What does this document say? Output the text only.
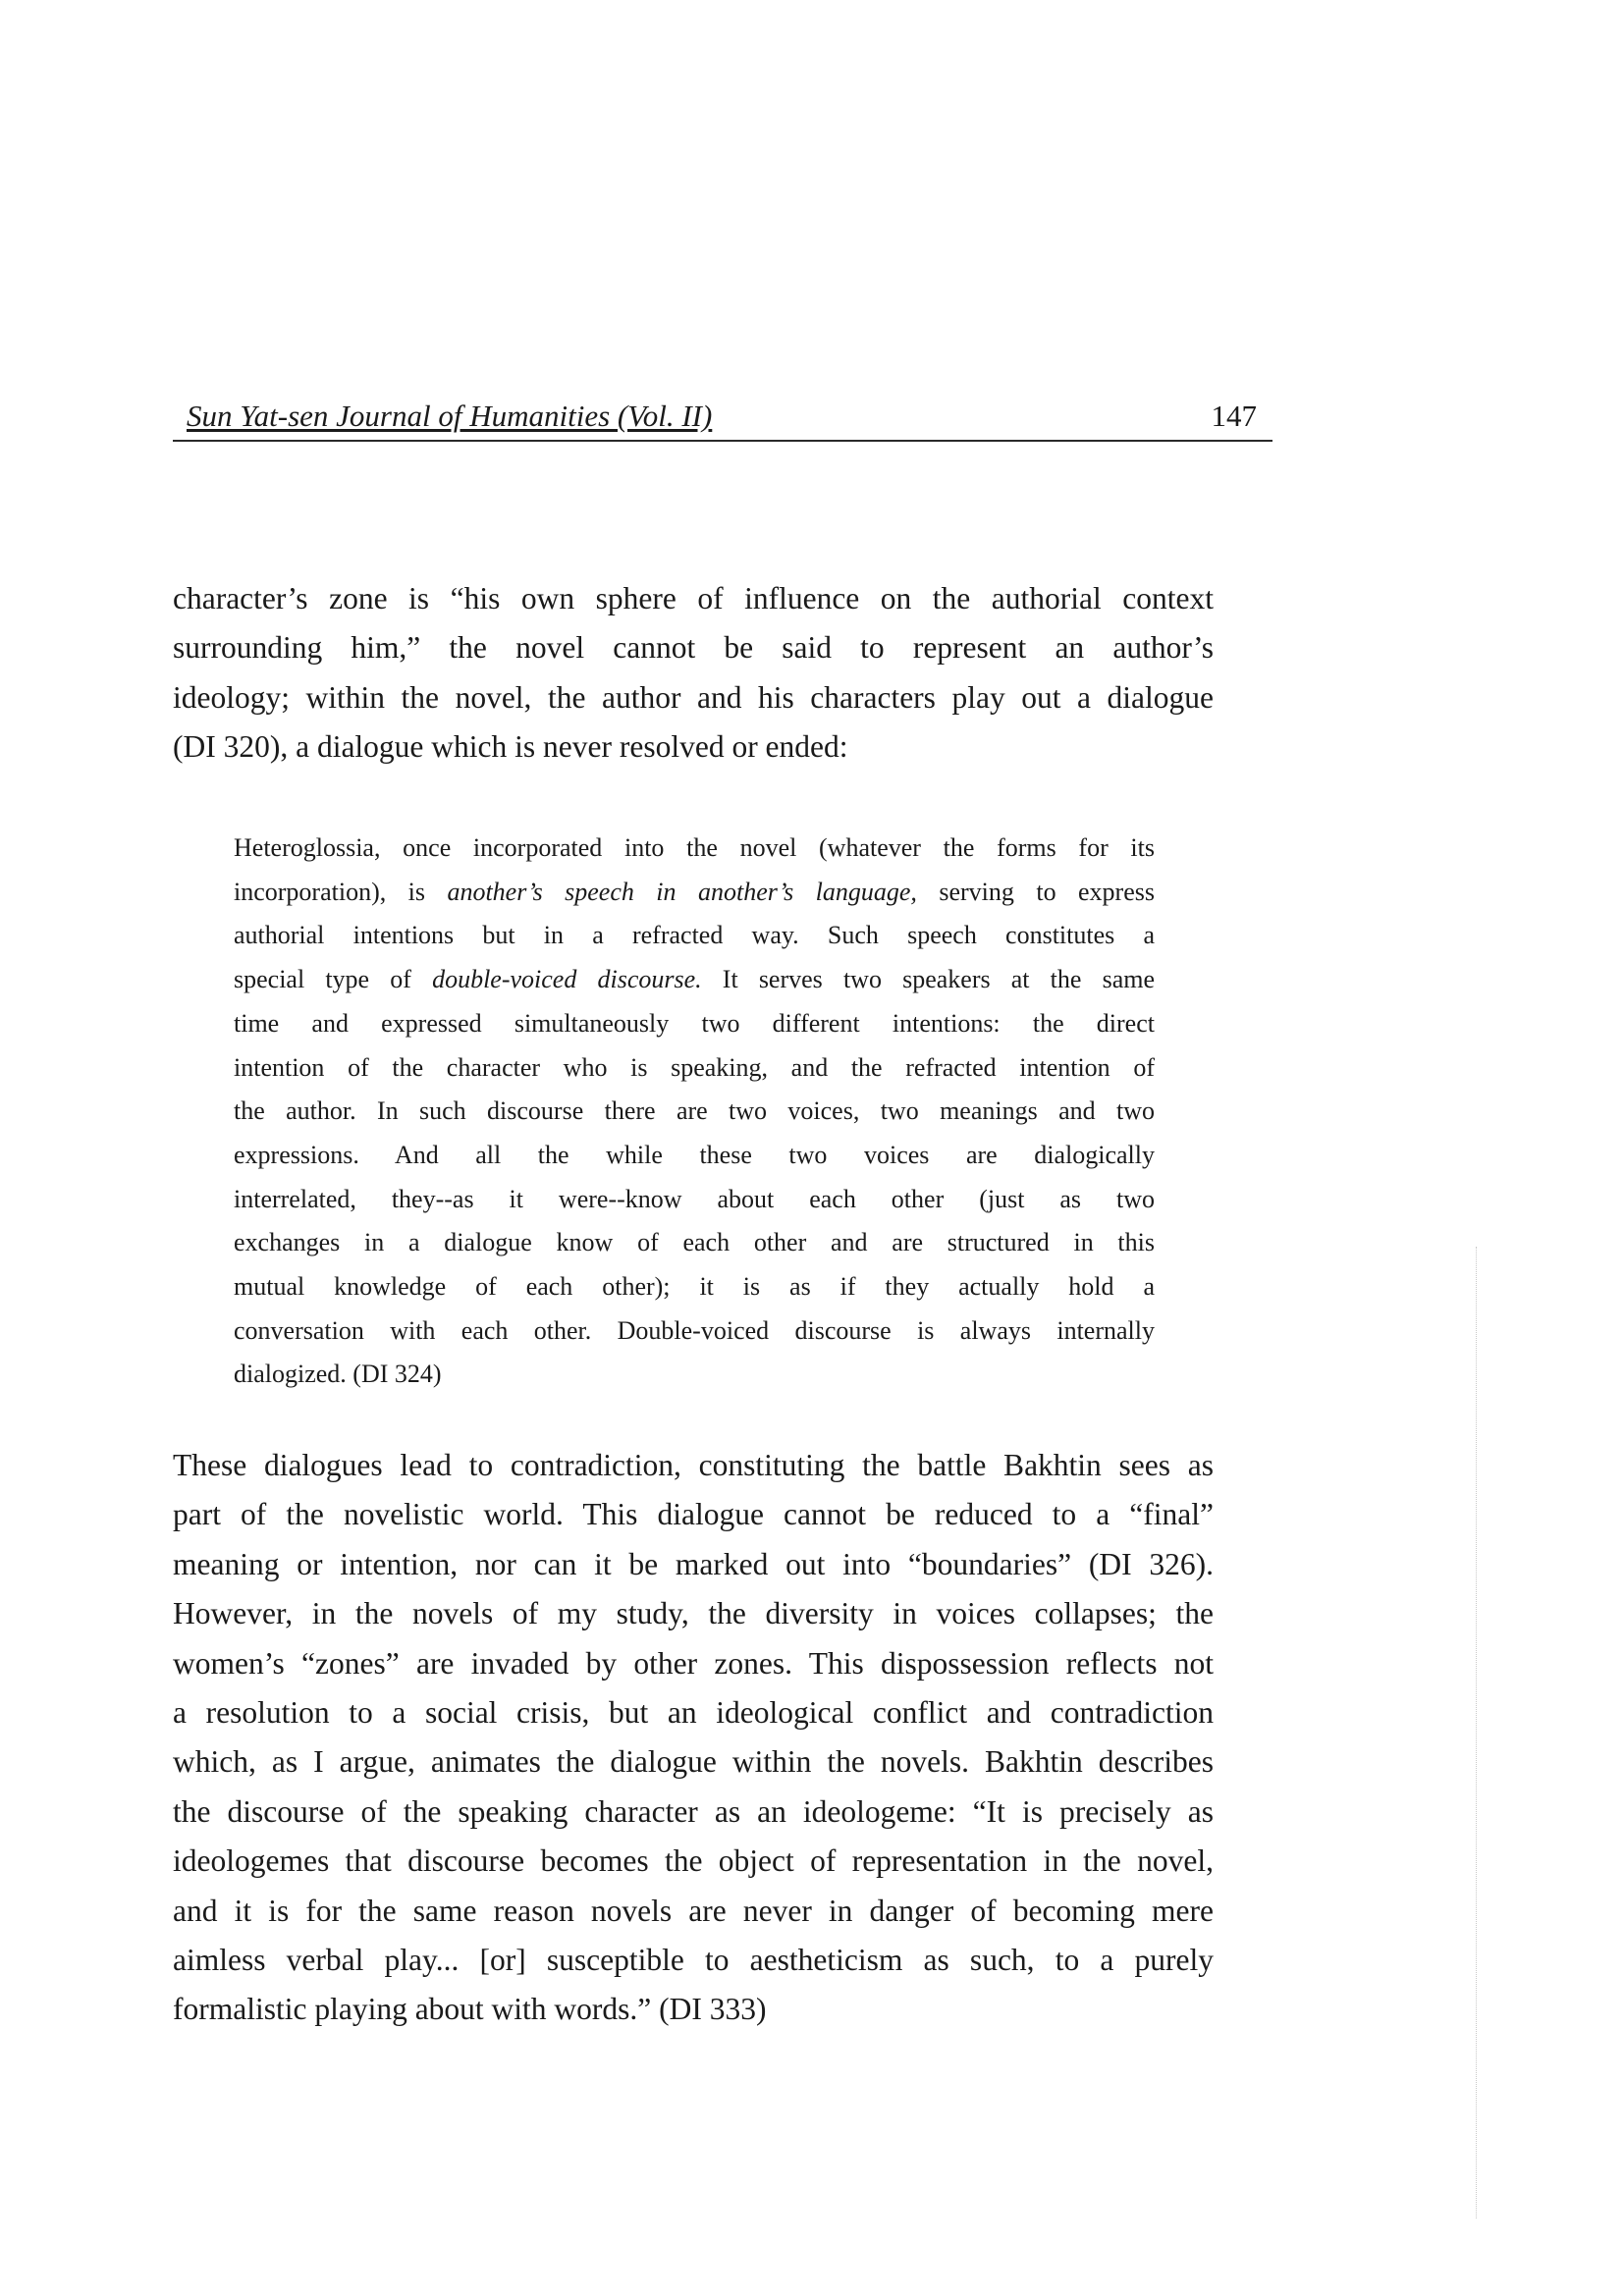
Sun Yat-sen Journal of Humanities (Vol. II)	147

character’s zone is “his own sphere of influence on the authorial context
surrounding him,” the novel cannot be said to represent an author’s
ideology; within the novel, the author and his characters play out a dialogue
(DI 320), a dialogue which is never resolved or ended:

Heteroglossia, once incorporated into the novel (whatever the forms for its
incorporation), is another’s speech in another’s language, serving to express
authorial intentions but in a refracted way. Such speech constitutes a
special type of double-voiced discourse. It serves two speakers at the same
time and expressed simultaneously two different intentions: the direct
intention of the character who is speaking, and the refracted intention of
the author. In such discourse there are two voices, two meanings and two
expressions. And all the while these two voices are dialogically
interrelated, they--as it were--know about each other (just as two
exchanges in a dialogue know of each other and are structured in this
mutual knowledge of each other); it is as if they actually hold a
conversation with each other. Double-voiced discourse is always internally
dialogized. (DI 324)

These dialogues lead to contradiction, constituting the battle Bakhtin sees as
part of the novelistic world. This dialogue cannot be reduced to a “final”
meaning or intention, nor can it be marked out into “boundaries” (DI 326).
However, in the novels of my study, the diversity in voices collapses; the
women’s “zones” are invaded by other zones. This dispossession reflects not
a resolution to a social crisis, but an ideological conflict and contradiction
which, as I argue, animates the dialogue within the novels. Bakhtin describes
the discourse of the speaking character as an ideologeme: “It is precisely as
ideologemes that discourse becomes the object of representation in the novel,
and it is for the same reason novels are never in danger of becoming mere
aimless verbal play... [or] susceptible to aestheticism as such, to a purely
formalistic playing about with words.” (DI 333)
